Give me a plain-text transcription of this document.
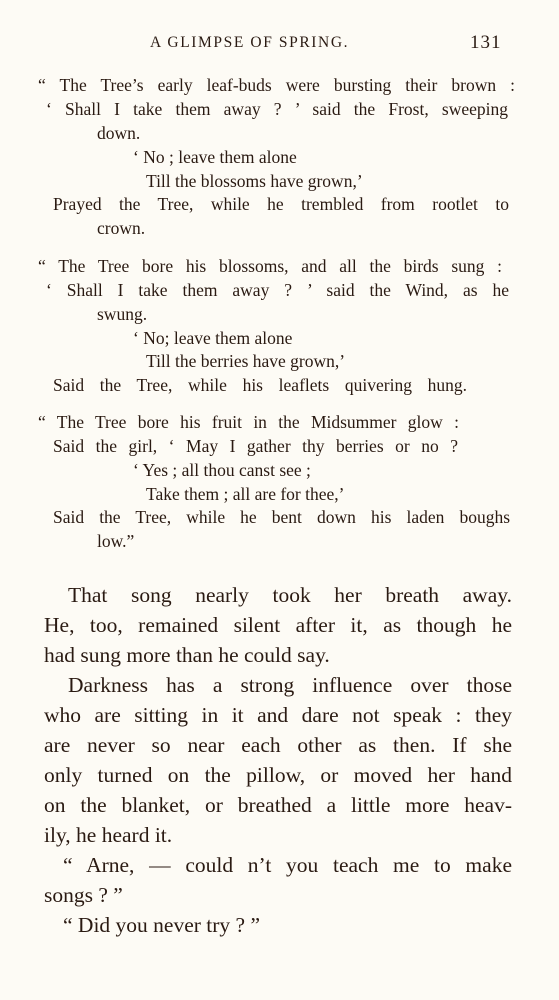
A GLIMPSE OF SPRING.	131
“ The Tree’s early leaf-buds were bursting their brown :
‘ Shall I take them away ? ’ said the Frost, sweeping
down.
‘ No ; leave them alone
Till the blossoms have grown,’
Prayed the Tree, while he trembled from rootlet to
crown.
“ The Tree bore his blossoms, and all the birds sung :
‘ Shall I take them away ? ’ said the Wind, as he
swung.
‘ No; leave them alone
Till the berries have grown,’
Said the Tree, while his leaflets quivering hung.
“ The Tree bore his fruit in the Midsummer glow :
Said the girl, ‘ May I gather thy berries or no ?
‘ Yes ; all thou canst see ;
Take them ; all are for thee,’
Said the Tree, while he bent down his laden boughs
low.”
That song nearly took her breath away.
He, too, remained silent after it, as though he
had sung more than he could say.
Darkness has a strong influence over those
who are sitting in it and dare not speak : they
are never so near each other as then. If she
only turned on the pillow, or moved her hand
on the blanket, or breathed a little more heav-
ily, he heard it.
“ Arne, — could n’t you teach me to make
songs ? ”
“ Did you never try ? ”
